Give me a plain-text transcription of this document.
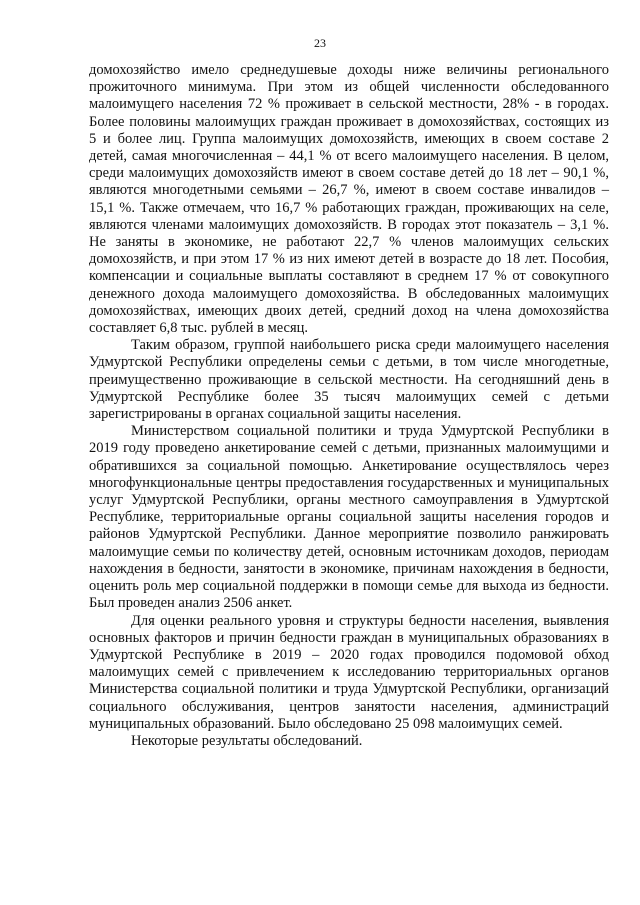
23

домохозяйство имело среднедушевые доходы ниже величины регионального прожиточного минимума. При этом из общей численности обследованного малоимущего населения 72 % проживает в сельской местности, 28% - в городах. Более половины малоимущих граждан проживает в домохозяйствах, состоящих из 5 и более лиц. Группа малоимущих домохозяйств, имеющих в своем составе 2 детей, самая многочисленная – 44,1 % от всего малоимущего населения. В целом, среди малоимущих домохозяйств имеют в своем составе детей до 18 лет – 90,1 %, являются многодетными семьями – 26,7 %, имеют в своем составе инвалидов – 15,1 %. Также отмечаем, что 16,7 % работающих граждан, проживающих на селе, являются членами малоимущих домохозяйств. В городах этот показатель – 3,1 %. Не заняты в экономике, не работают 22,7 % членов малоимущих сельских домохозяйств, и при этом 17 % из них имеют детей в возрасте до 18 лет. Пособия, компенсации и социальные выплаты составляют в среднем 17 % от совокупного денежного дохода малоимущего домохозяйства. В обследованных малоимущих домохозяйствах, имеющих двоих детей, средний доход на члена домохозяйства составляет 6,8 тыс. рублей в месяц.

Таким образом, группой наибольшего риска среди малоимущего населения Удмуртской Республики определены семьи с детьми, в том числе многодетные, преимущественно проживающие в сельской местности. На сегодняшний день в Удмуртской Республике более 35 тысяч малоимущих семей с детьми зарегистрированы в органах социальной защиты населения.

Министерством социальной политики и труда Удмуртской Республики в 2019 году проведено анкетирование семей с детьми, признанных малоимущими и обратившихся за социальной помощью. Анкетирование осуществлялось через многофункциональные центры предоставления государственных и муниципальных услуг Удмуртской Республики, органы местного самоуправления в Удмуртской Республике, территориальные органы социальной защиты населения городов и районов Удмуртской Республики. Данное мероприятие позволило ранжировать малоимущие семьи по количеству детей, основным источникам доходов, периодам нахождения в бедности, занятости в экономике, причинам нахождения в бедности, оценить роль мер социальной поддержки в помощи семье для выхода из бедности. Был проведен анализ 2506 анкет.

Для оценки реального уровня и структуры бедности населения, выявления основных факторов и причин бедности граждан в муниципальных образованиях в Удмуртской Республике в 2019 – 2020 годах проводился подомовой обход малоимущих семей с привлечением к исследованию территориальных органов Министерства социальной политики и труда Удмуртской Республики, организаций социального обслуживания, центров занятости населения, администраций муниципальных образований. Было обследовано 25 098 малоимущих семей.

Некоторые результаты обследований.
